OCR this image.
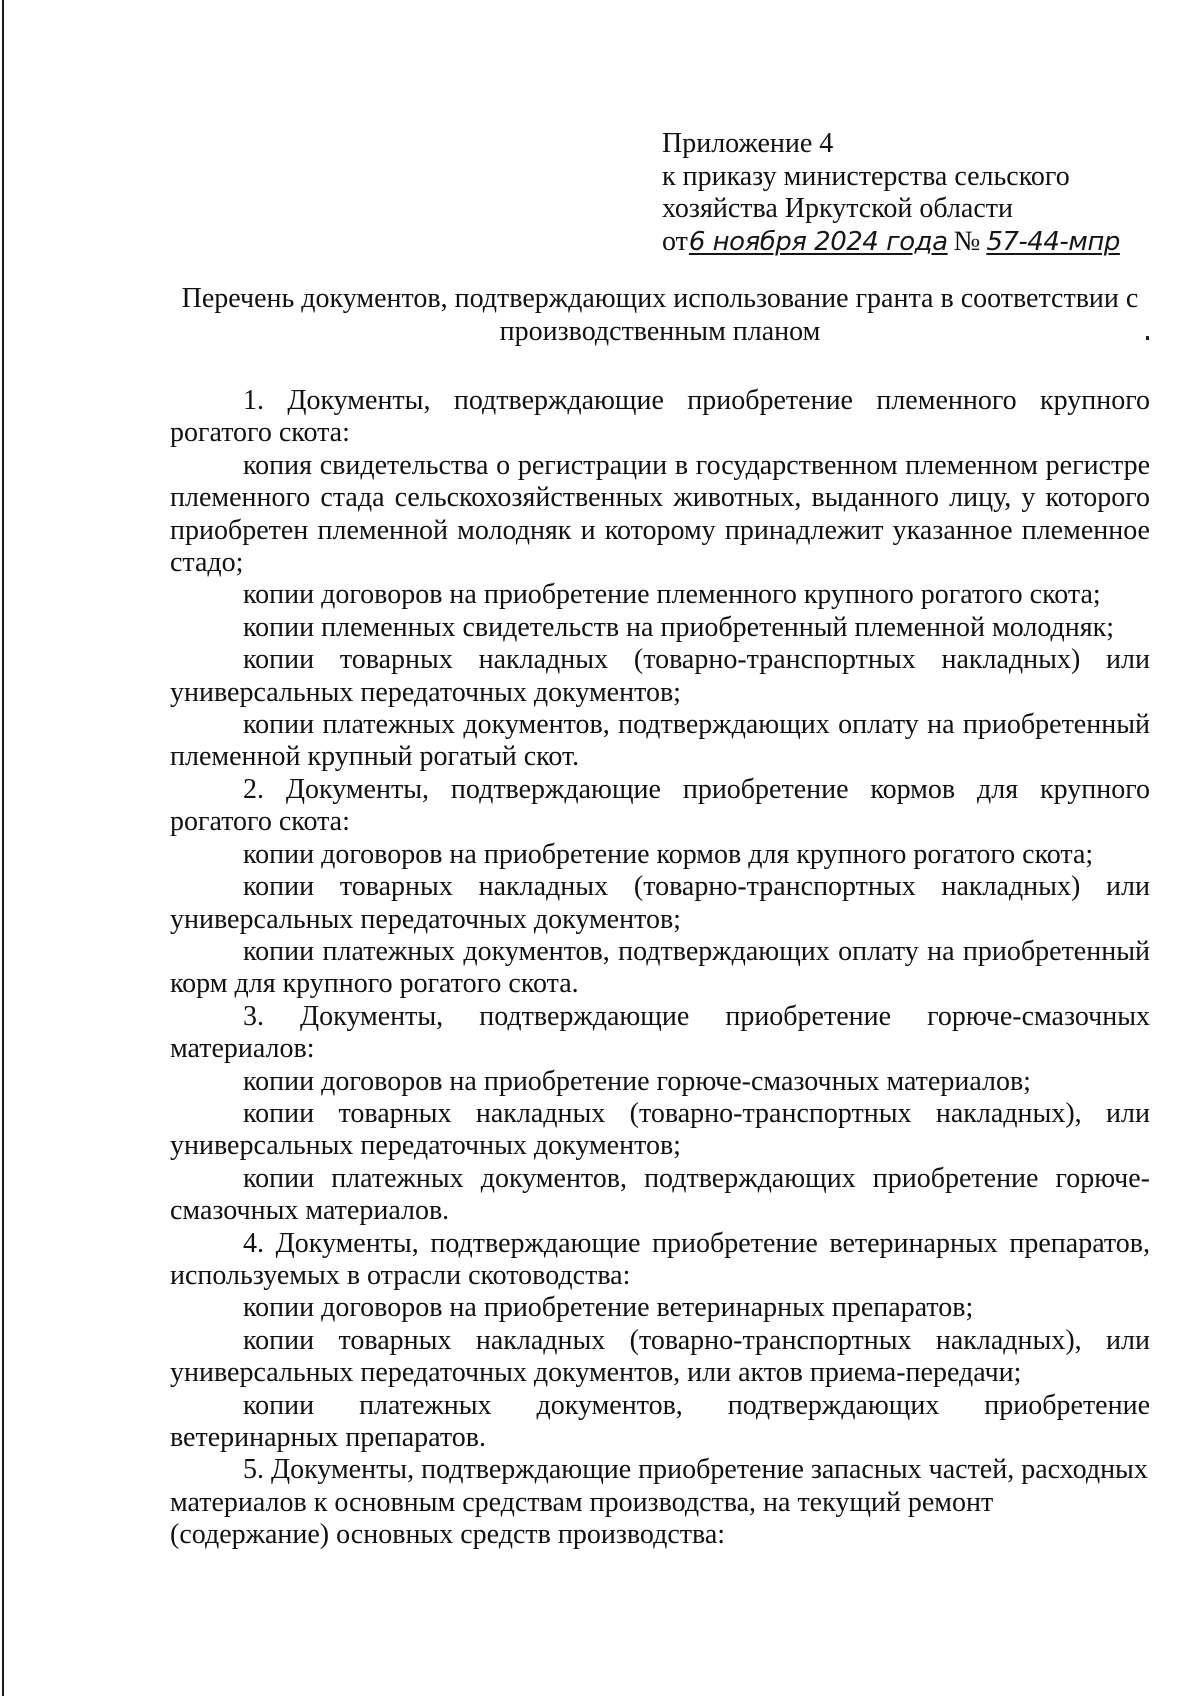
Приложение 4
к приказу министерства сельского
хозяйства Иркутской области
от 6 ноября 2024 года № 57-44-мпр
Перечень документов, подтверждающих использование гранта в соответствии с
производственным планом

1. Документы, подтверждающие приобретение племенного крупного рогатого скота:

копия свидетельства о регистрации в государственном племенном регистре племенного стада сельскохозяйственных животных, выданного лицу, у которого приобретен племенной молодняк и которому принадлежит указанное племенное стадо;

копии договоров на приобретение племенного крупного рогатого скота;

копии племенных свидетельств на приобретенный племенной молодняк;

копии товарных накладных (товарно-транспортных накладных) или универсальных передаточных документов;

копии платежных документов, подтверждающих оплату на приобретенный племенной крупный рогатый скот.

2. Документы, подтверждающие приобретение кормов для крупного рогатого скота:

копии договоров на приобретение кормов для крупного рогатого скота;

копии товарных накладных (товарно-транспортных накладных) или универсальных передаточных документов;

копии платежных документов, подтверждающих оплату на приобретенный корм для крупного рогатого скота.

3. Документы, подтверждающие приобретение горюче-смазочных материалов:

копии договоров на приобретение горюче-смазочных материалов;

копии товарных накладных (товарно-транспортных накладных), или универсальных передаточных документов;

копии платежных документов, подтверждающих приобретение горюче-смазочных материалов.

4. Документы, подтверждающие приобретение ветеринарных препаратов, используемых в отрасли скотоводства:

копии договоров на приобретение ветеринарных препаратов;

копии товарных накладных (товарно-транспортных накладных), или универсальных передаточных документов, или актов приема-передачи;

копии платежных документов, подтверждающих приобретение ветеринарных препаратов.

5. Документы, подтверждающие приобретение запасных частей, расходных материалов к основным средствам производства, на текущий ремонт (содержание) основных средств производства:
